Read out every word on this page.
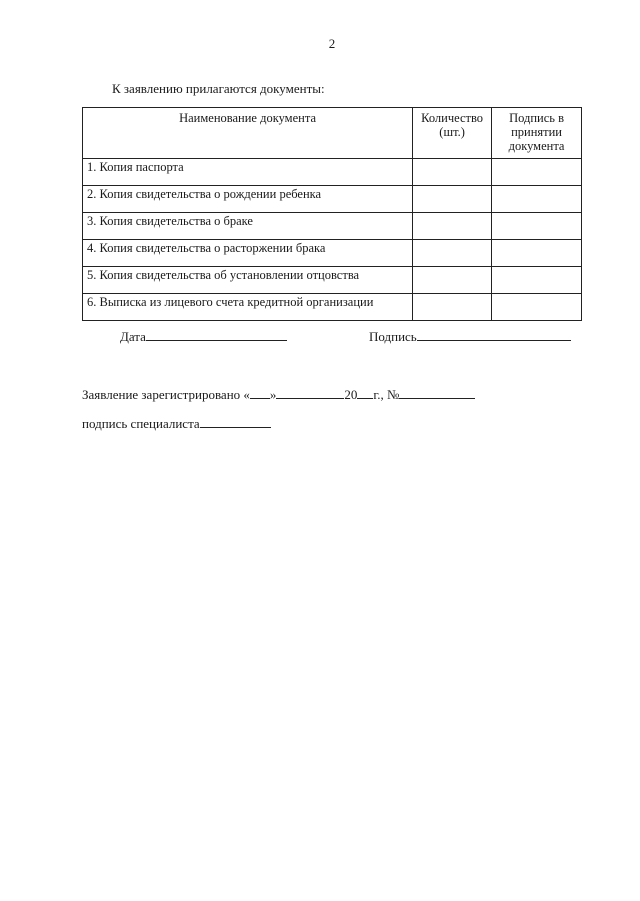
2
К заявлению прилагаются документы:
Наименование документа	Количество (шт.)	Подпись в принятии документа
1. Копия паспорта		
2. Копия свидетельства о рождении ребенка		
3. Копия свидетельства о браке		
4. Копия свидетельства о расторжении брака		
5. Копия свидетельства об установлении отцовства		
6. Выписка из лицевого счета кредитной организации		
Дата	Подпись
Заявление зарегистрировано « »	20 г., №
подпись специалиста
